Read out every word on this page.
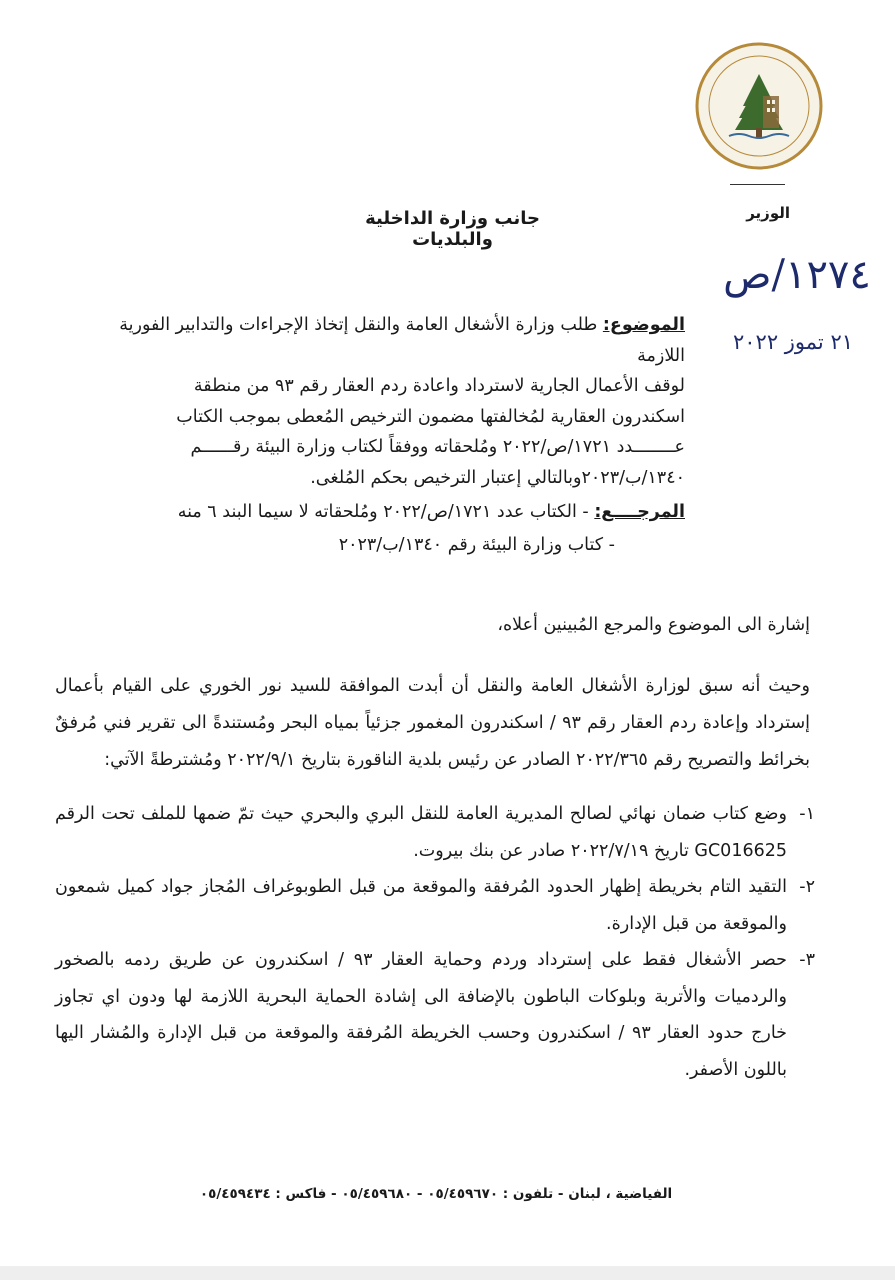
الوزير
١٢٧٤/ص
٢١ تموز ٢٠٢٢
جانب وزارة الداخلية والبلديات
الموضوع: طلب وزارة الأشغال العامة والنقل إتخاذ الإجراءات والتدابير الفورية اللازمة
لوقف الأعمال الجارية لاسترداد واعادة ردم العقار رقم ٩٣ من منطقة
اسكندرون العقارية لمُخالفتها مضمون الترخيص المُعطى بموجب الكتاب
عــــــــدد ١٧٢١/ص/٢٠٢٢ ومُلحقاته ووفقاً لكتاب وزارة البيئة رقــــــم
١٣٤٠/ب/٢٠٢٣وبالتالي إعتبار الترخيص بحكم المُلغى.
المرجــــع: - الكتاب عدد ١٧٢١/ص/٢٠٢٢ ومُلحقاته لا سيما البند ٦ منه
- كتاب وزارة البيئة رقم ١٣٤٠/ب/٢٠٢٣
إشارة الى الموضوع والمرجع المُبينين أعلاه،
وحيث أنه سبق لوزارة الأشغال العامة والنقل أن أبدت الموافقة للسيد نور الخوري على القيام بأعمال إسترداد وإعادة ردم العقار رقم ٩٣ / اسكندرون المغمور جزئياً بمياه البحر ومُستندةً الى تقرير فني مُرفقٌ بخرائط والتصريح رقم ٢٠٢٢/٣٦٥ الصادر عن رئيس بلدية الناقورة بتاريخ ٢٠٢٢/٩/١ ومُشترطةً الآتي:
١-
وضع كتاب ضمان نهائي لصالح المديرية العامة للنقل البري والبحري حيث تمّ ضمها للملف تحت الرقم GC016625 تاريخ ٢٠٢٢/٧/١٩ صادر عن بنك بيروت.
٢-
التقيد التام بخريطة إظهار الحدود المُرفقة والموقعة من قبل الطوبوغراف المُجاز جواد كميل شمعون والموقعة من قبل الإدارة.
٣-
حصر الأشغال فقط على إسترداد وردم وحماية العقار ٩٣ / اسكندرون عن طريق ردمه بالصخور والردميات والأتربة وبلوكات الباطون بالإضافة الى إشادة الحماية البحرية اللازمة لها ودون اي تجاوز خارج حدود العقار ٩٣ / اسكندرون وحسب الخريطة المُرفقة والموقعة من قبل الإدارة والمُشار اليها باللون الأصفر.
الفياضية ، لبنان - تلفون : ٠٥/٤٥٩٦٧٠ - ٠٥/٤٥٩٦٨٠ - فاكس : ٠٥/٤٥٩٤٣٤
